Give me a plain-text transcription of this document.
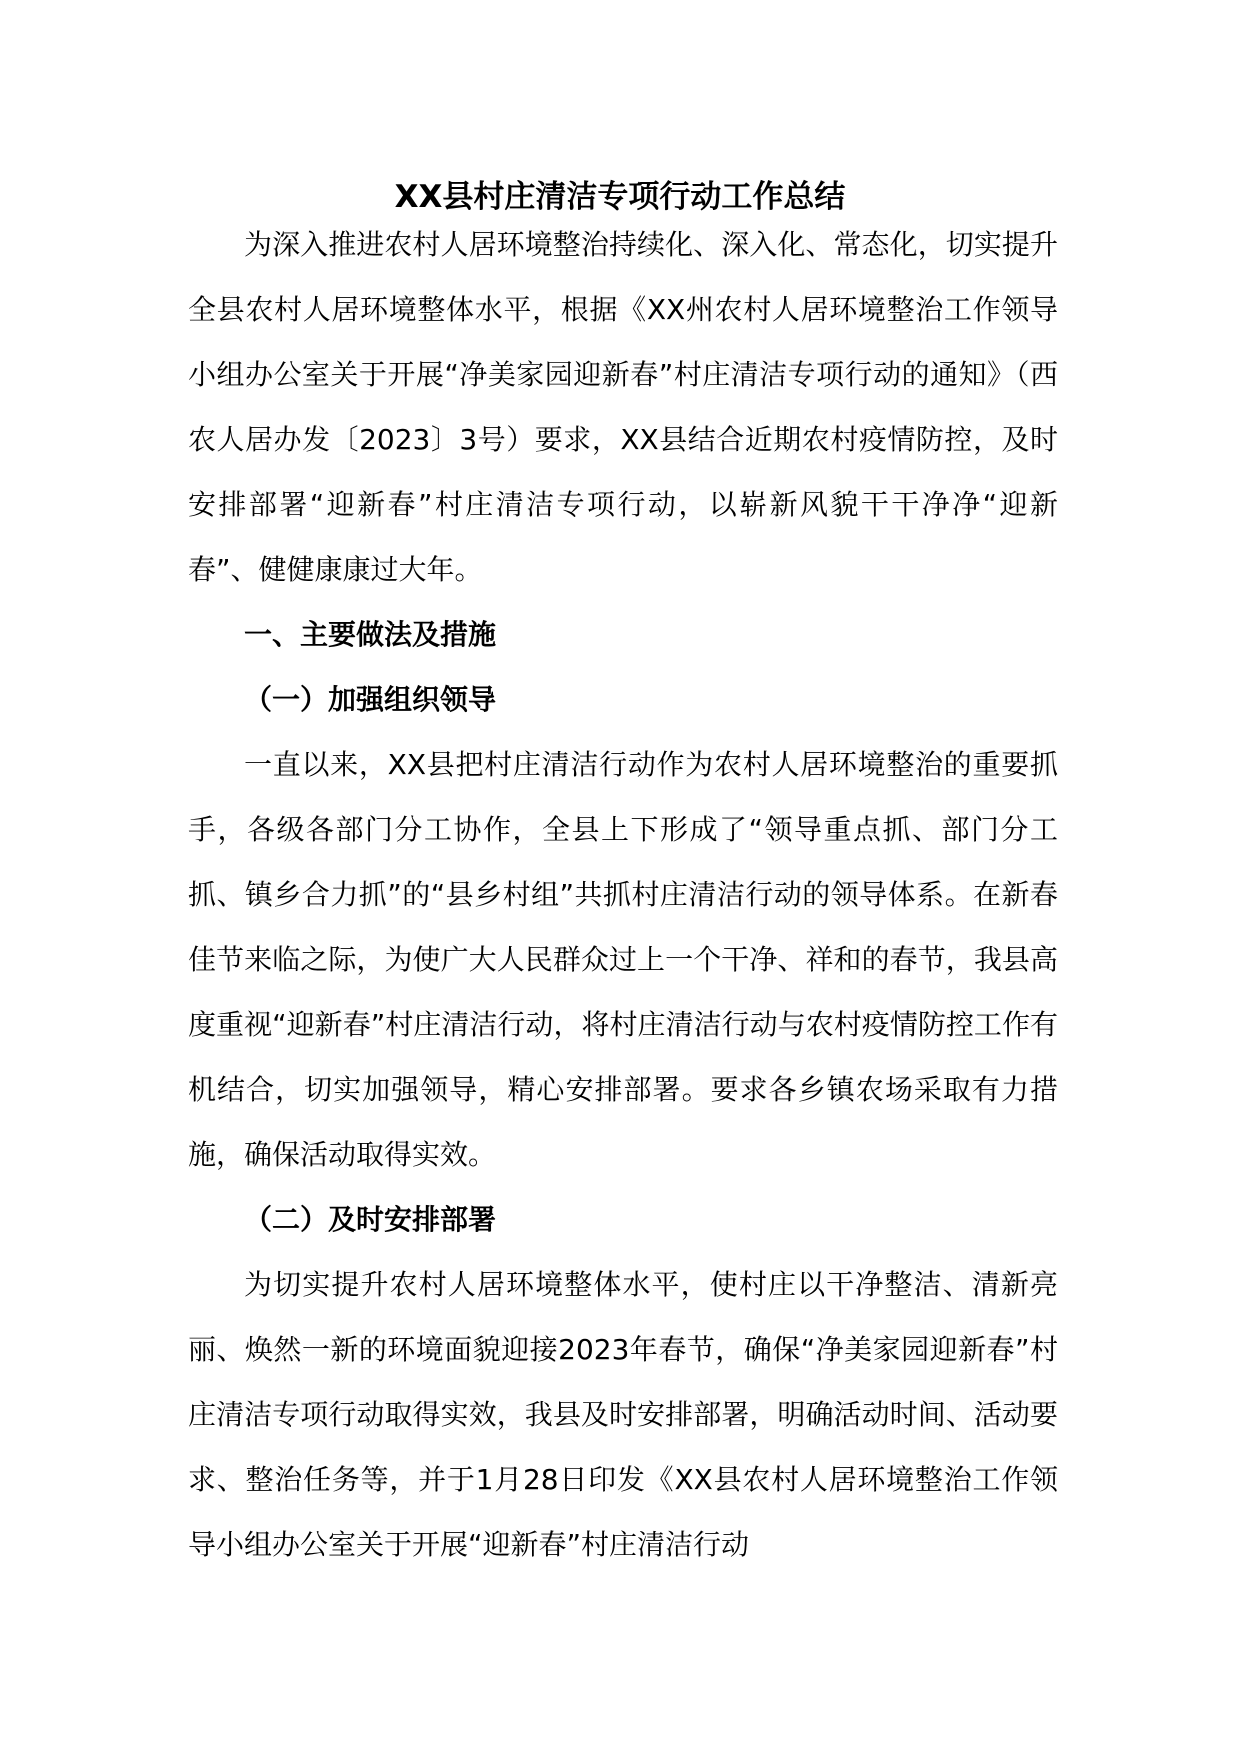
XX县村庄清洁专项行动工作总结

为深入推进农村人居环境整治持续化、深入化、常态化，切实提升全县农村人居环境整体水平，根据《XX州农村人居环境整治工作领导小组办公室关于开展“净美家园迎新春”村庄清洁专项行动的通知》（西农人居办发〔2023〕3号）要求，XX县结合近期农村疫情防控，及时安排部署“迎新春”村庄清洁专项行动，以崭新风貌干干净净“迎新春”、健健康康过大年。

一、主要做法及措施

（一）加强组织领导

一直以来，XX县把村庄清洁行动作为农村人居环境整治的重要抓手，各级各部门分工协作，全县上下形成了“领导重点抓、部门分工抓、镇乡合力抓”的“县乡村组”共抓村庄清洁行动的领导体系。在新春佳节来临之际，为使广大人民群众过上一个干净、祥和的春节，我县高度重视“迎新春”村庄清洁行动，将村庄清洁行动与农村疫情防控工作有机结合，切实加强领导，精心安排部署。要求各乡镇农场采取有力措施，确保活动取得实效。

（二）及时安排部署

为切实提升农村人居环境整体水平，使村庄以干净整洁、清新亮丽、焕然一新的环境面貌迎接2023年春节，确保“净美家园迎新春”村庄清洁专项行动取得实效，我县及时安排部署，明确活动时间、活动要求、整治任务等，并于1月28日印发《XX县农村人居环境整治工作领导小组办公室关于开展“迎新春”村庄清洁行动
